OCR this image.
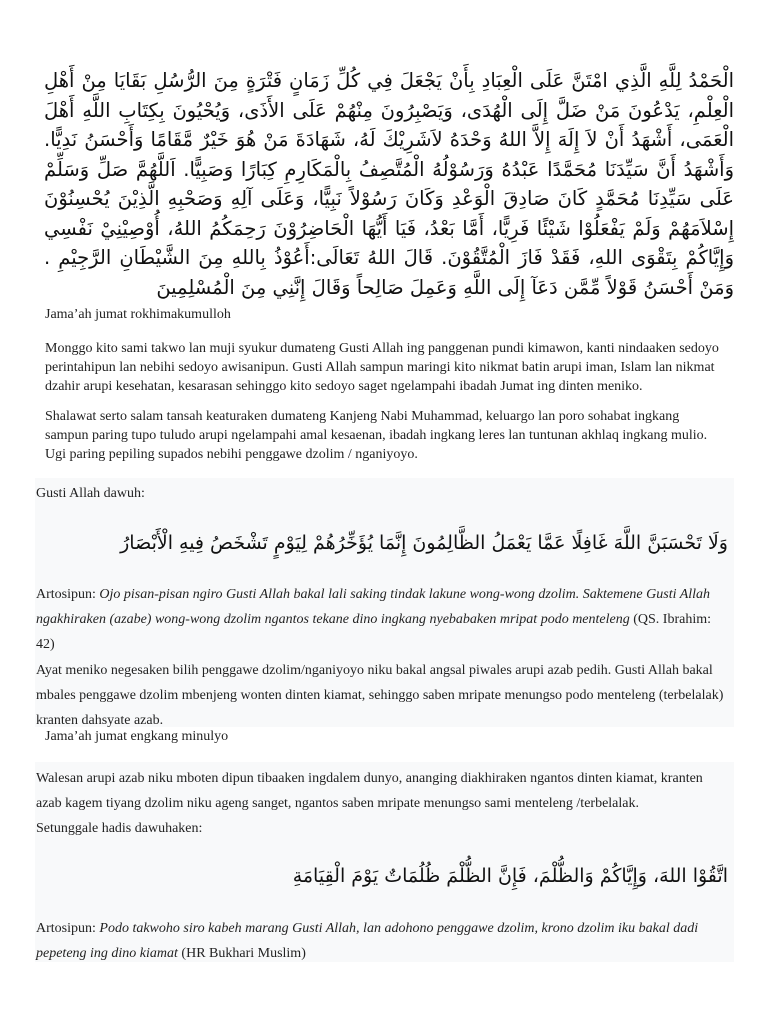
الْحَمْدُ لِلَّهِ الَّذِي امْتَنَّ عَلَى الْعِبَادِ بِأَنْ يَجْعَلَ فِي كُلِّ زَمَانٍ فَتْرَةٍ مِنَ الرُّسُلِ بَقَايَا مِنْ أَهْلِ الْعِلْمِ، يَدْعُونَ مَنْ ضَلَّ إِلَى الْهُدَى، وَيَصْبِرُونَ مِنْهُمْ عَلَى الأَذَى، وَيُحْيُونَ بِكِتَابِ اللَّهِ أَهْلَ الْعَمَى، أَشْهَدُ أَنْ لاَ إِلَهَ إِلاَّ اللهُ وَحْدَهُ لاَشَرِيْكَ لَهُ، شَهَادَةَ مَنْ هُوَ خَيْرٌ مَّقَامًا وَأَحْسَنُ نَدِيًّا. وَأَشْهَدُ أَنَّ سَيِّدَنَا مُحَمَّدًا عَبْدُهُ وَرَسُوْلُهُ الْمُتَّصِفُ بِالْمَكَارِمِ كِبَارًا وَصَبِيًّا. اَللَّهُمَّ صَلِّ وَسَلِّمْ عَلَى سَيِّدِنَا مُحَمَّدٍ كَانَ صَادِقَ الْوَعْدِ وَكَانَ رَسُوْلاً نَبِيًّا، وَعَلَى آلِهِ وَصَحْبِهِ الَّذِيْنَ يُحْسِنُوْنَ إِسْلاَمَهُمْ وَلَمْ يَفْعَلُوْا شَيْئًا فَرِيًّا، أَمَّا بَعْدُ، فَيَا أَيُّهَا الْحَاضِرُوْنَ رَحِمَكُمُ اللهُ، أُوْصِيْنِيْ نَفْسِي وَإِيَّاكُمْ بِتَقْوَى اللهِ، فَقَدْ فَازَ الْمُتَّقُوْنَ. قَالَ اللهُ تَعَالَى:أَعُوْذُ بِاللهِ مِنَ الشَّيْطَانِ الرَّجِيْمِ . وَمَنْ أَحْسَنُ قَوْلاً مِّمَّن دَعَآ إِلَى اللَّهِ وَعَمِلَ صَالِحاً وَقَالَ إِنَّنِي مِنَ الْمُسْلِمِينَ
Jama’ah jumat rokhimakumulloh

Monggo kito sami takwo lan muji syukur dumateng Gusti Allah ing panggenan pundi kimawon, kanti nindaaken sedoyo perintahipun lan nebihi sedoyo awisanipun. Gusti Allah sampun maringi kito nikmat batin arupi iman, Islam lan nikmat dzahir arupi kesehatan, kesarasan sehinggo kito sedoyo saget ngelampahi ibadah Jumat ing dinten meniko.

Shalawat serto salam tansah keaturaken dumateng Kanjeng Nabi Muhammad, keluargo lan poro sohabat ingkang sampun paring tupo tuludo arupi ngelampahi amal kesaenan, ibadah ingkang leres lan tuntunan akhlaq ingkang mulio. Ugi paring pepiling supados nebihi penggawe dzolim / nganiyoyo.

Gusti Allah dawuh:
وَلَا تَحْسَبَنَّ اللَّهَ غَافِلًا عَمَّا يَعْمَلُ الظَّالِمُونَ إِنَّمَا يُؤَخِّرُهُمْ لِيَوْمٍ تَشْخَصُ فِيهِ الْأَبْصَارُ

Artosipun: Ojo pisan-pisan ngiro Gusti Allah bakal lali saking tindak lakune wong-wong dzolim. Saktemene Gusti Allah ngakhiraken (azabe) wong-wong dzolim ngantos tekane dino ingkang nyebabaken mripat podo menteleng (QS. Ibrahim: 42)

Ayat meniko negesaken bilih penggawe dzolim/nganiyoyo niku bakal angsal piwales arupi azab pedih. Gusti Allah bakal mbales penggawe dzolim mbenjeng wonten dinten kiamat, sehinggo saben mripate menungso podo menteleng (terbelalak) kranten dahsyate azab.

Jama’ah jumat engkang minulyo

Walesan arupi azab niku mboten dipun tibaaken ingdalem dunyo, ananging diakhiraken ngantos dinten kiamat, kranten azab kagem tiyang dzolim niku ageng sanget, ngantos saben mripate menungso sami menteleng /terbelalak.

Setunggale hadis dawuhaken:
اتَّقُوْا اللهَ، وَإِيَّاكُمْ وَالظُّلْمَ، فَإِنَّ الظُّلْمَ ظُلُمَاتٌ يَوْمَ الْقِيَامَةِ

Artosipun: Podo takwoho siro kabeh marang Gusti Allah, lan adohono penggawe dzolim, krono dzolim iku bakal dadi pepeteng ing dino kiamat (HR Bukhari Muslim)
